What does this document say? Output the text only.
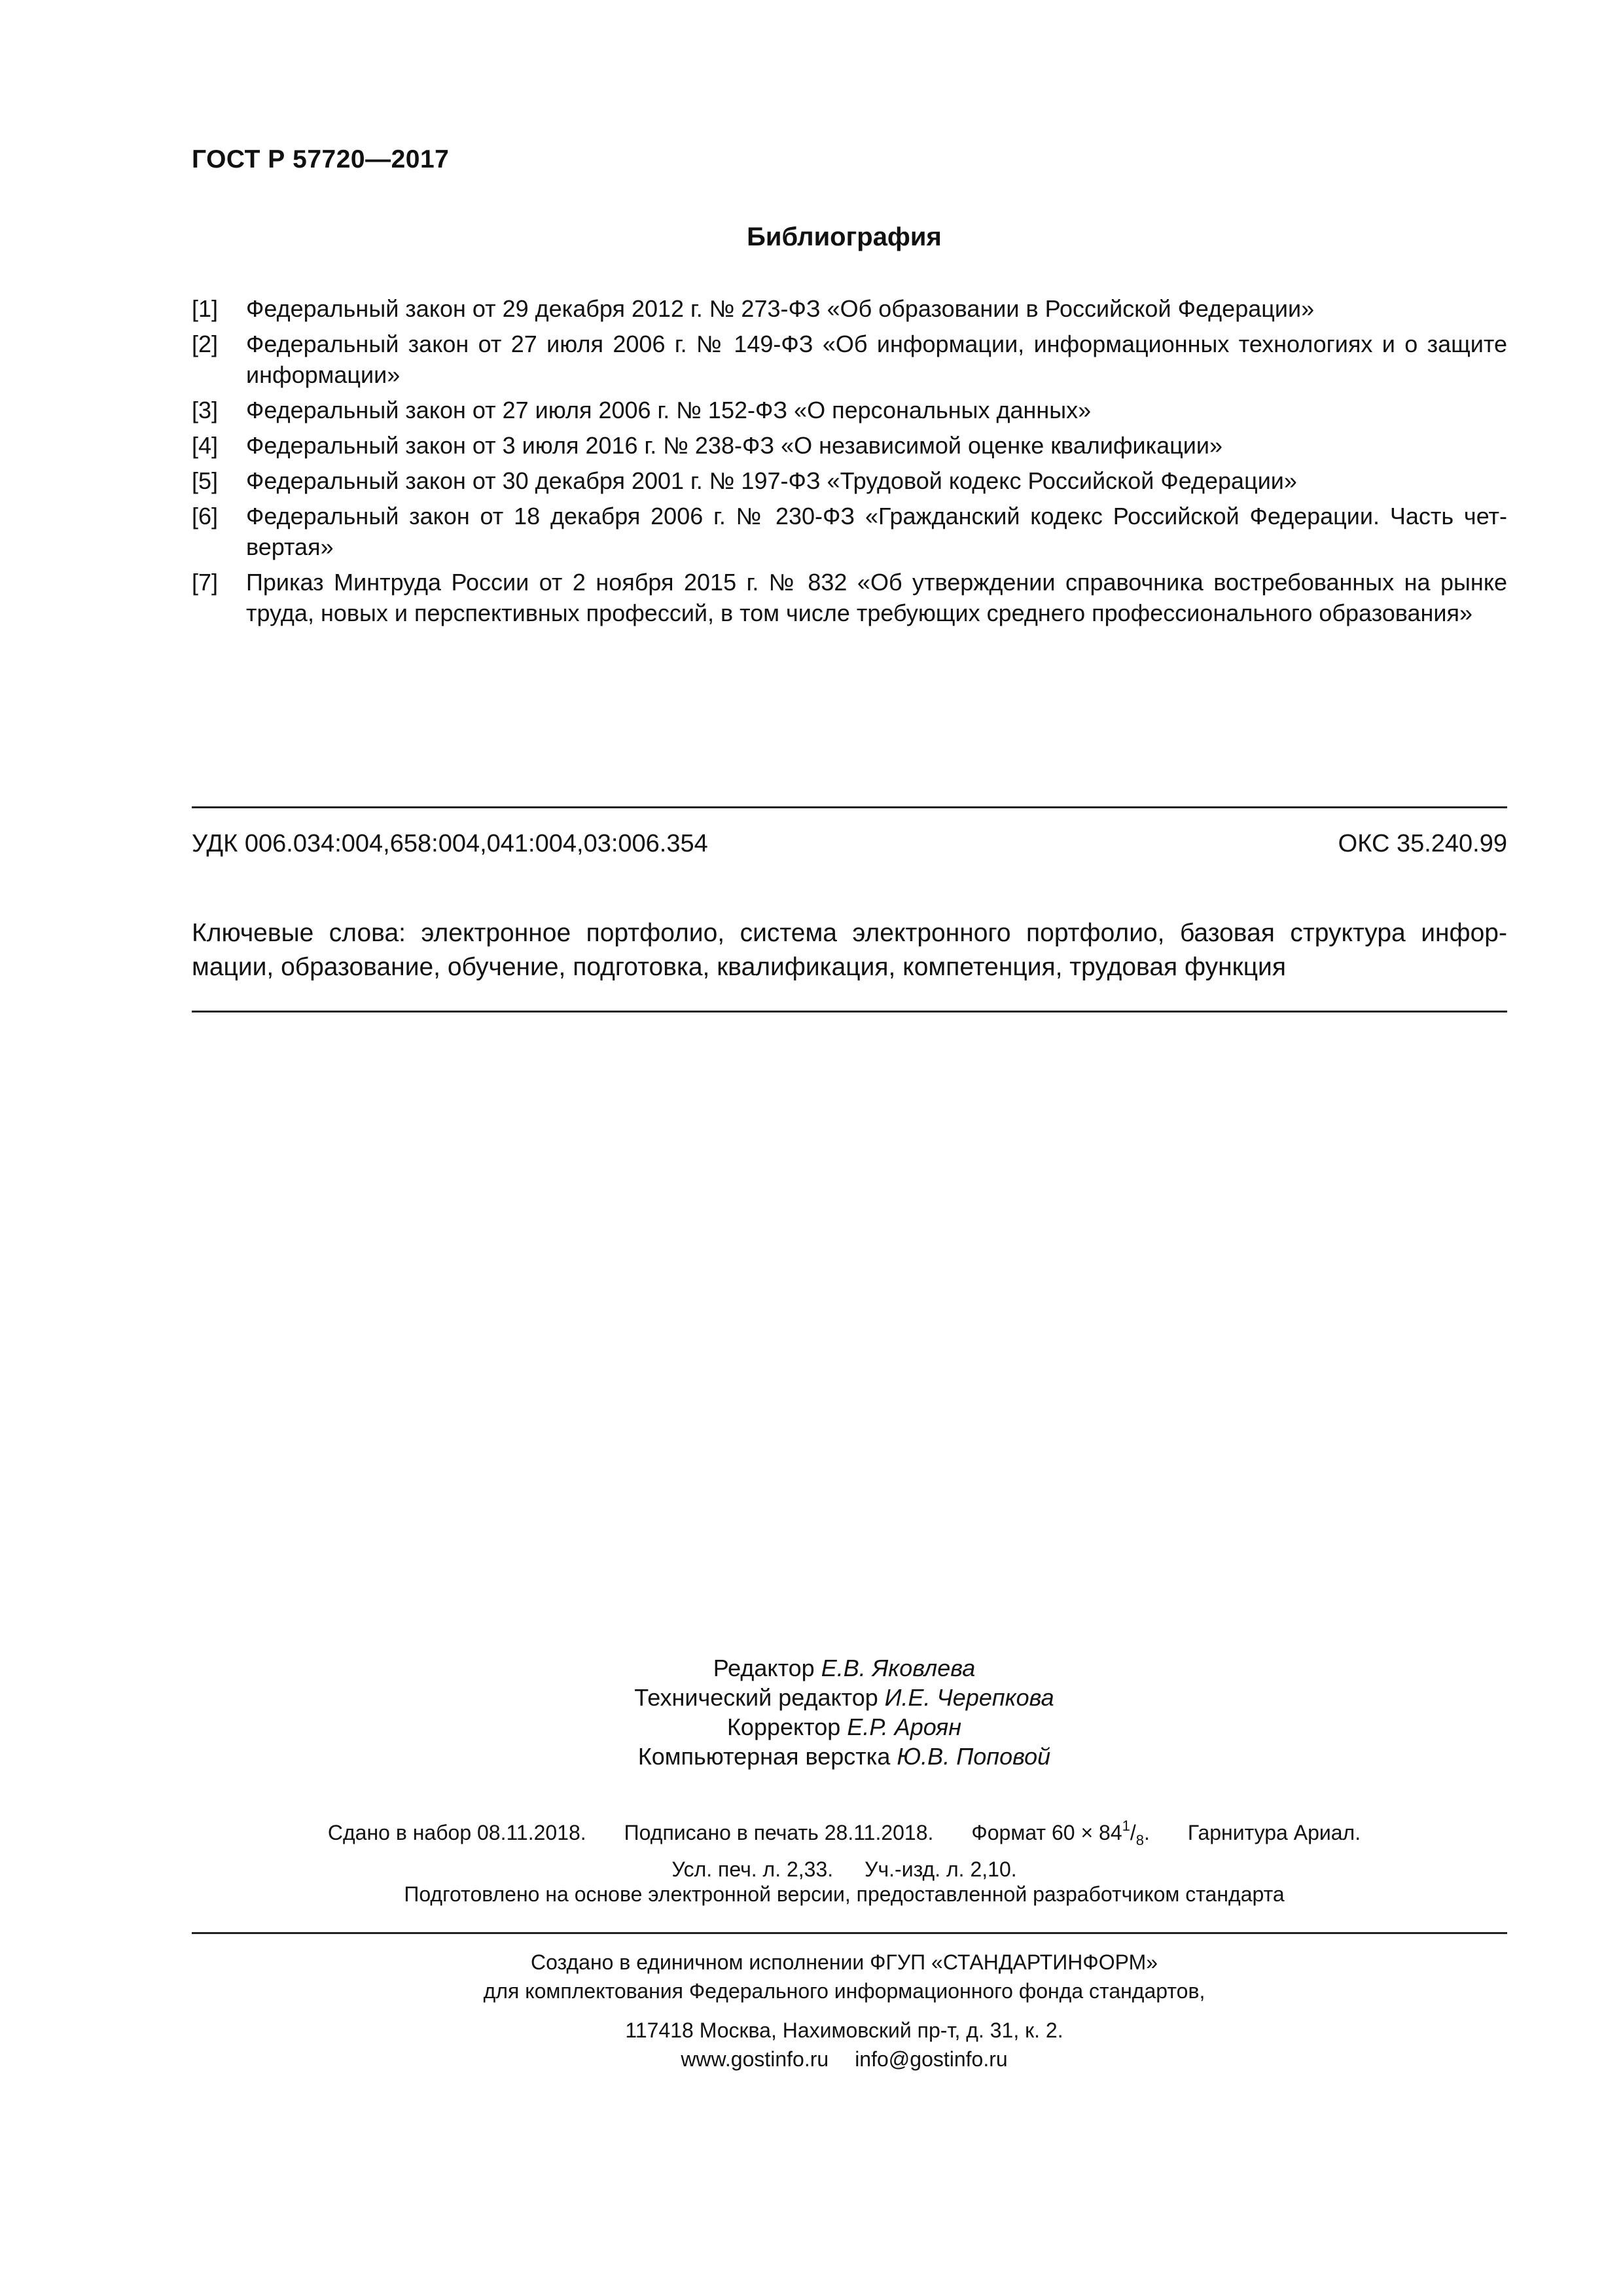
ГОСТ Р 57720—2017
Библиография
[1]	Федеральный закон от 29 декабря 2012 г. № 273-ФЗ «Об образовании в Российской Федерации»
[2]	Федеральный закон от 27 июля 2006 г. № 149-ФЗ «Об информации, информационных технологиях и о защите информации»
[3]	Федеральный закон от 27 июля 2006 г. № 152-ФЗ «О персональных данных»
[4]	Федеральный закон от 3 июля 2016 г. № 238-ФЗ «О независимой оценке квалификации»
[5]	Федеральный закон от 30 декабря 2001 г. № 197-ФЗ «Трудовой кодекс Российской Федерации»
[6]	Федеральный закон от 18 декабря 2006 г. № 230-ФЗ «Гражданский кодекс Российской Федерации. Часть чет-вертая»
[7]	Приказ Минтруда России от 2 ноября 2015 г. № 832 «Об утверждении справочника востребованных на рынке труда, новых и перспективных профессий, в том числе требующих среднего профессионального образования»
УДК 006.034:004,658:004,041:004,03:006.354	ОКС 35.240.99
Ключевые слова: электронное портфолио, система электронного портфолио, базовая структура инфор-мации, образование, обучение, подготовка, квалификация, компетенция, трудовая функция
Редактор Е.В. Яковлева
Технический редактор И.Е. Черепкова
Корректор Е.Р. Ароян
Компьютерная верстка Ю.В. Поповой
Сдано в набор 08.11.2018. Подписано в печать 28.11.2018. Формат $60 \times 84^1/_8$. Гарнитура Ариал.
Усл. печ. л. 2,33. Уч.-изд. л. 2,10.
Подготовлено на основе электронной версии, предоставленной разработчиком стандарта
Создано в единичном исполнении ФГУП «СТАНДАРТИНФОРМ»
для комплектования Федерального информационного фонда стандартов,
117418 Москва, Нахимовский пр-т, д. 31, к. 2.
www.gostinfo.ru info@gostinfo.ru
